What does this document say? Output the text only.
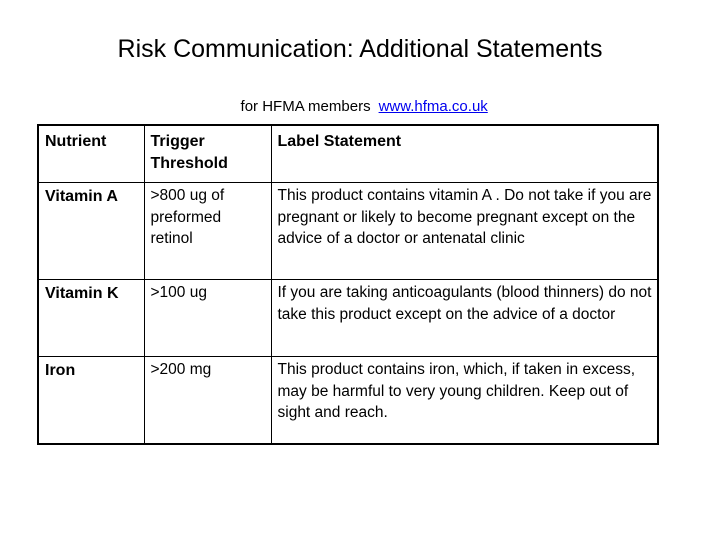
Risk Communication: Additional Statements

for HFMA members www.hfma.co.uk

Nutrient	Trigger Threshold	Label Statement
Vitamin A	>800 ug of preformed retinol	This product contains vitamin A . Do not take if you are pregnant or likely to become pregnant except on the advice of a doctor or antenatal clinic
Vitamin K	>100 ug	If you are taking anticoagulants (blood thinners) do not take this product except on the advice of a doctor
Iron	>200 mg	This product contains iron, which, if taken in excess, may be harmful to very young children. Keep out of sight and reach.
